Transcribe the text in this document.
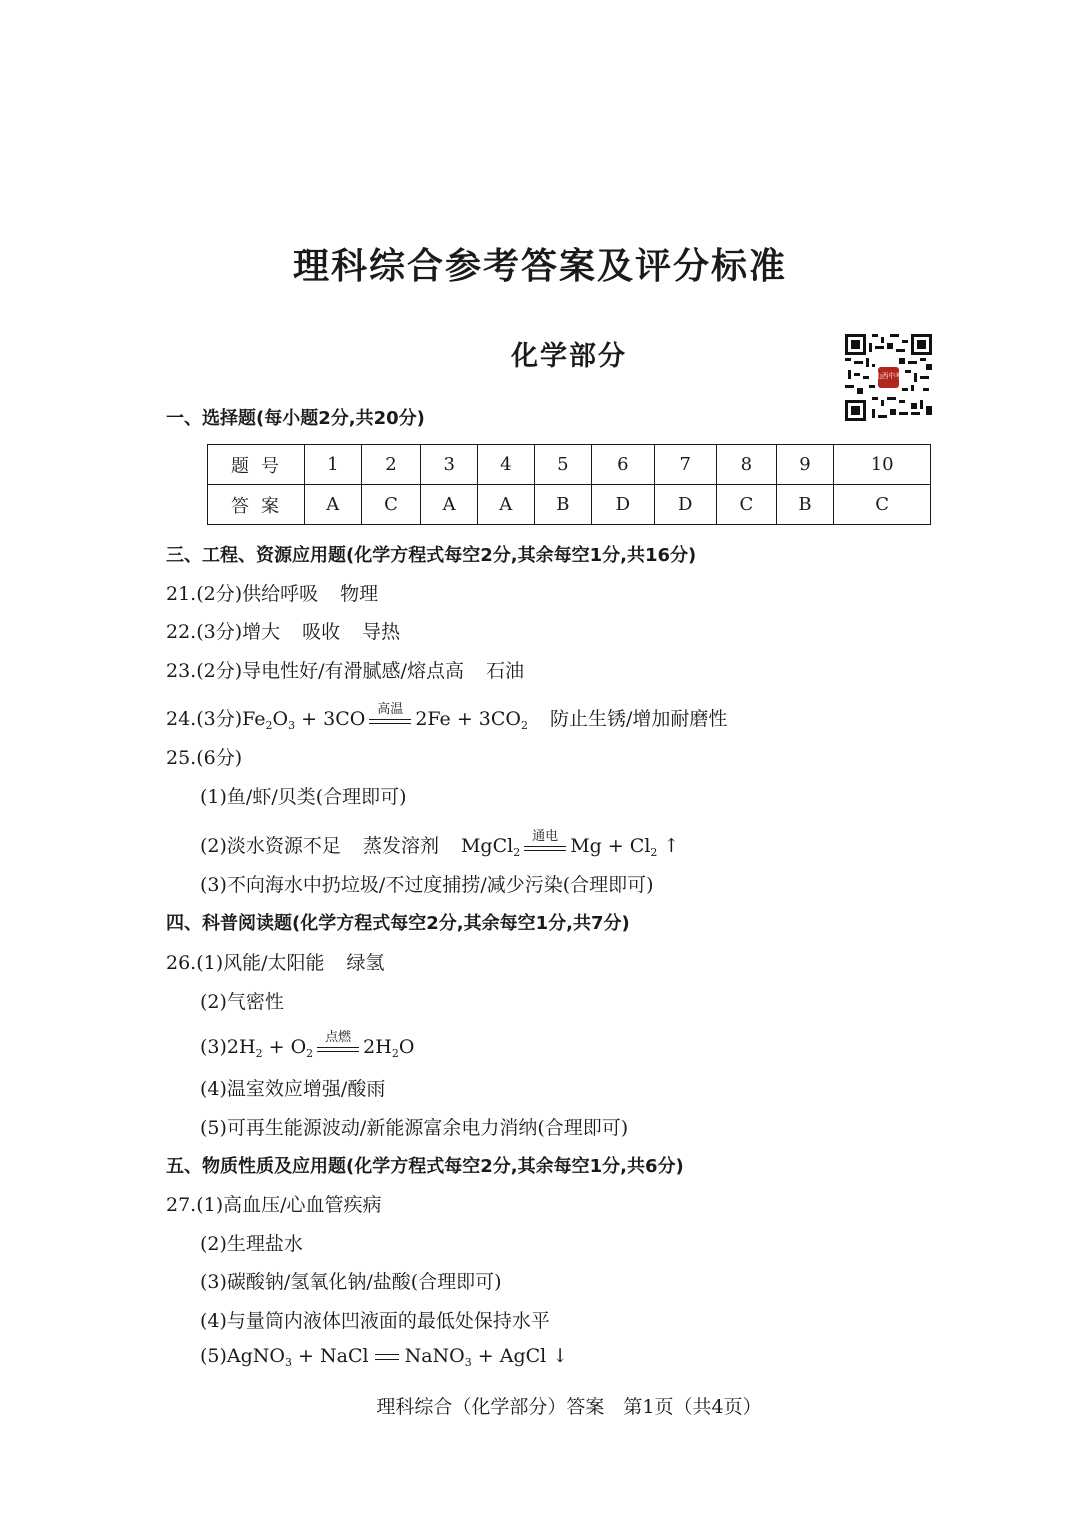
理科综合参考答案及评分标准
化学部分
山西中考
一、选择题(每小题2分,共20分)
题号	1	2	3	4	5	6	7	8	9	10
答案	A	C	A	A	B	D	D	C	B	C
三、工程、资源应用题(化学方程式每空2分,其余每空1分,共16分)
21.(2分)供给呼吸 物理
22.(3分)增大 吸收 导热
23.(2分)导电性好/有滑腻感/熔点高 石油
24.(3分)$Fe_2O_3 + 3CO$ 高温 $2Fe + 3CO_2$ 防止生锈/增加耐磨性
25.(6分)
(1)鱼/虾/贝类(合理即可)
(2)淡水资源不足 蒸发溶剂 MgCl$_2$
通电 $Mg + Cl_2$ ↑
(3)不向海水中扔垃圾/不过度捕捞/减少污染(合理即可)
四、科普阅读题(化学方程式每空2分,其余每空1分,共7分)
26.(1)风能/太阳能 绿氢
(2)气密性
$(3)2H_2 + O_2$
点燃 $2H_2O$
(4)温室效应增强/酸雨
(5)可再生能源波动/新能源富余电力消纳(合理即可)
五、物质性质及应用题(化学方程式每空2分,其余每空1分,共6分)
27.(1)高血压/心血管疾病
(2)生理盐水
(3)碳酸钠/氢氧化钠/盐酸(合理即可)
(4)与量筒内液体凹液面的最低处保持水平
(5)AgNO$_3$ + NaCl NaNO$_3$ + AgCl ↓
理科综合（化学部分）答案　第1页（共4页）
